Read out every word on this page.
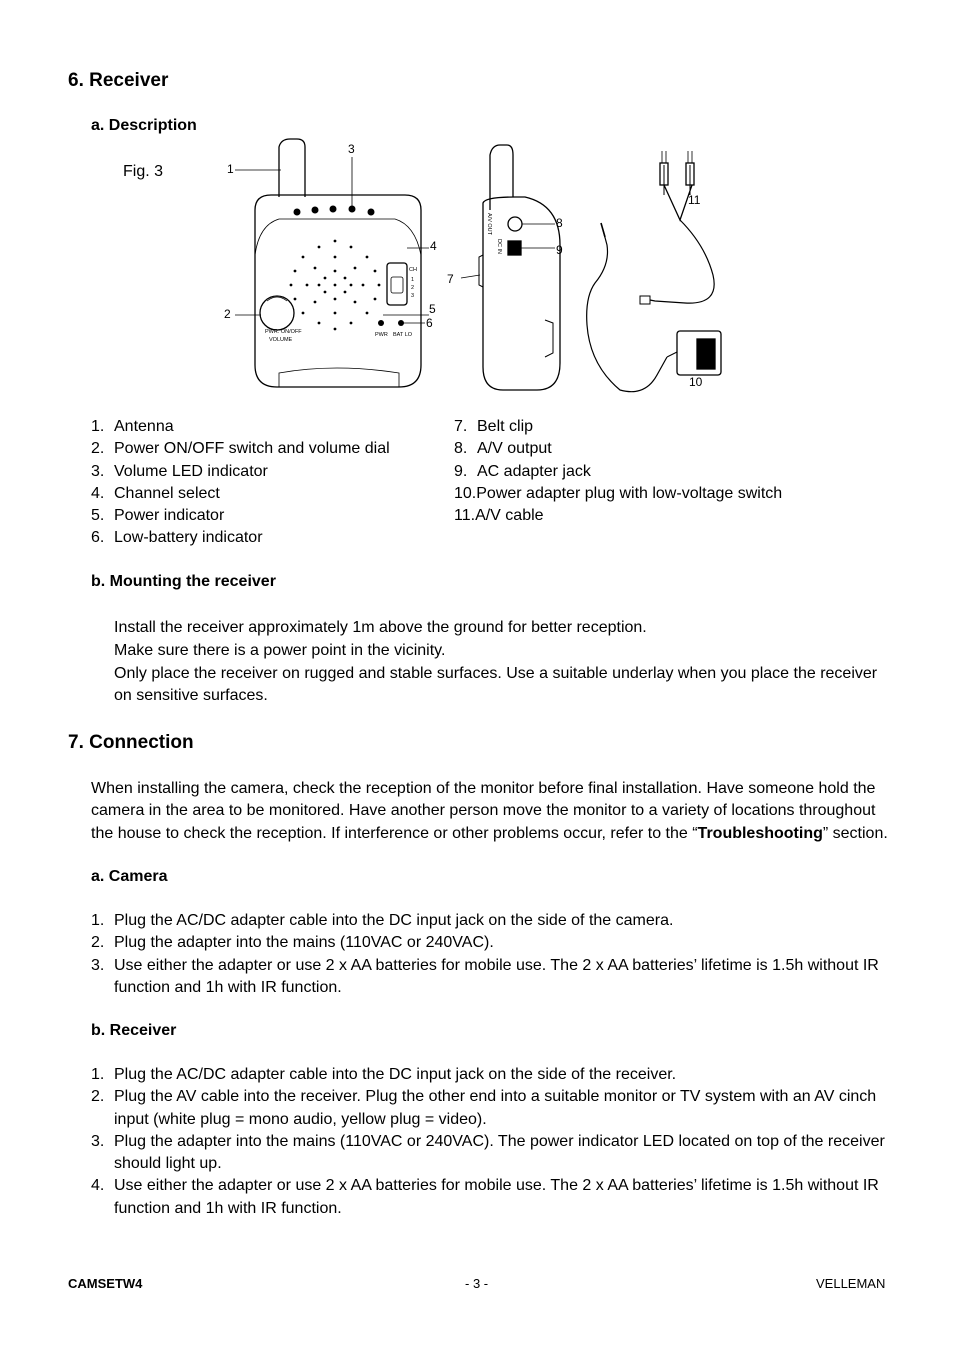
6. Receiver
a. Description
Fig. 3
PWR. ON/OFF
VOLUME
PWR BAT LO
CH
1
2
3
A/V OUT
DC IN
1
2
3
4
5
6
7
8
9
10
11
1. Antenna
2. Power ON/OFF switch and volume dial
3. Volume LED indicator
4. Channel select
5. Power indicator
6. Low-battery indicator
7. Belt clip
8. A/V output
9. AC adapter jack
10.Power adapter plug with low-voltage switch
11.A/V cable
b. Mounting the receiver
Install the receiver approximately 1m above the ground for better reception.
Make sure there is a power point in the vicinity.
Only place the receiver on rugged and stable surfaces. Use a suitable underlay when you place the receiver
on sensitive surfaces.
7. Connection
When installing the camera, check the reception of the monitor before final installation. Have someone hold the
camera in the area to be monitored. Have another person move the monitor to a variety of locations throughout
the house to check the reception. If interference or other problems occur, refer to the “Troubleshooting” section.
a. Camera
1. Plug the AC/DC adapter cable into the DC input jack on the side of the camera.
2. Plug the adapter into the mains (110VAC or 240VAC).
3. Use either the adapter or use 2 x AA batteries for mobile use. The 2 x AA batteries’ lifetime is 1.5h without IR
function and 1h with IR function.
b. Receiver
1. Plug the AC/DC adapter cable into the DC input jack on the side of the receiver.
2. Plug the AV cable into the receiver. Plug the other end into a suitable monitor or TV system with an AV cinch
input (white plug = mono audio, yellow plug = video).
3. Plug the adapter into the mains (110VAC or 240VAC). The power indicator LED located on top of the receiver
should light up.
4. Use either the adapter or use 2 x AA batteries for mobile use. The 2 x AA batteries’ lifetime is 1.5h without IR
function and 1h with IR function.
CAMSETW4	- 3 -	VELLEMAN
